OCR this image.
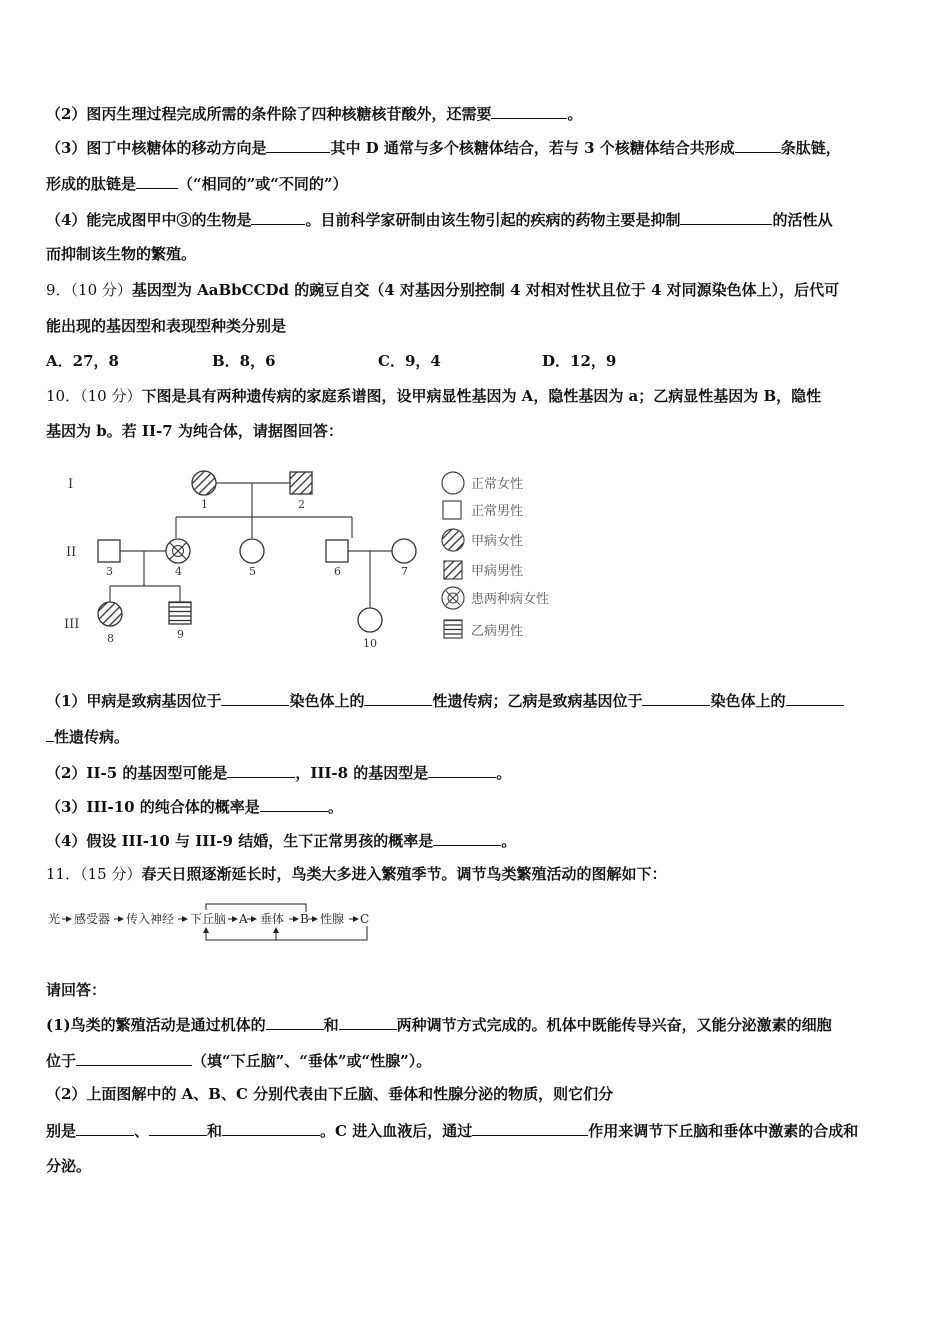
（2）图丙生理过程完成所需的条件除了四种核糖核苷酸外，还需要	。
（3）图丁中核糖体的移动方向是	其中 D 通常与多个核糖体结合，若与 3 个核糖体结合共形成	条肽链，
形成的肽链是	（“相同的”或“不同的”）
（4）能完成图甲中③的生物是	。目前科学家研制由该生物引起的疾病的药物主要是抑制	的活性从
而抑制该生物的繁殖。
9．（10 分）基因型为 AaBbCCDd 的豌豆自交（4 对基因分别控制 4 对相对性状且位于 4 对同源染色体上），后代可
能出现的基因型和表现型种类分别是
A．27，8	B．8，6	C．9，4	D．12，9
10．（10 分）下图是具有两种遗传病的家庭系谱图，设甲病显性基因为 A，隐性基因为 a；乙病显性基因为 B，隐性
基因为 b。若 II-7 为纯合体，请据图回答：
I
II
III
1	2
3	4	5	6	7
8	9
10
正常女性
正常男性
甲病女性
甲病男性
患两种病女性
乙病男性
（1）甲病是致病基因位于	染色体上的	性遗传病；乙病是致病基因位于	染色体上的
性遗传病。
（2）II-5 的基因型可能是	，III-8 的基因型是	。
（3）III-10 的纯合体的概率是	。
（4）假设 III-10 与 III-9 结婚，生下正常男孩的概率是	。
11．（15 分）春天日照逐渐延长时，鸟类大多进入繁殖季节。调节鸟类繁殖活动的图解如下：
光 感受器 传入神经 下丘脑 A 垂体 B 性腺 C
请回答：
(1)鸟类的繁殖活动是通过机体的	和	两种调节方式完成的。机体中既能传导兴奋，又能分泌激素的细胞
位于	（填“下丘脑”、“垂体”或“性腺”）。
（2）上面图解中的 A、B、C 分别代表由下丘脑、垂体和性腺分泌的物质，则它们分
别是	、	和	。C 进入血液后，通过	作用来调节下丘脑和垂体中激素的合成和
分泌。
